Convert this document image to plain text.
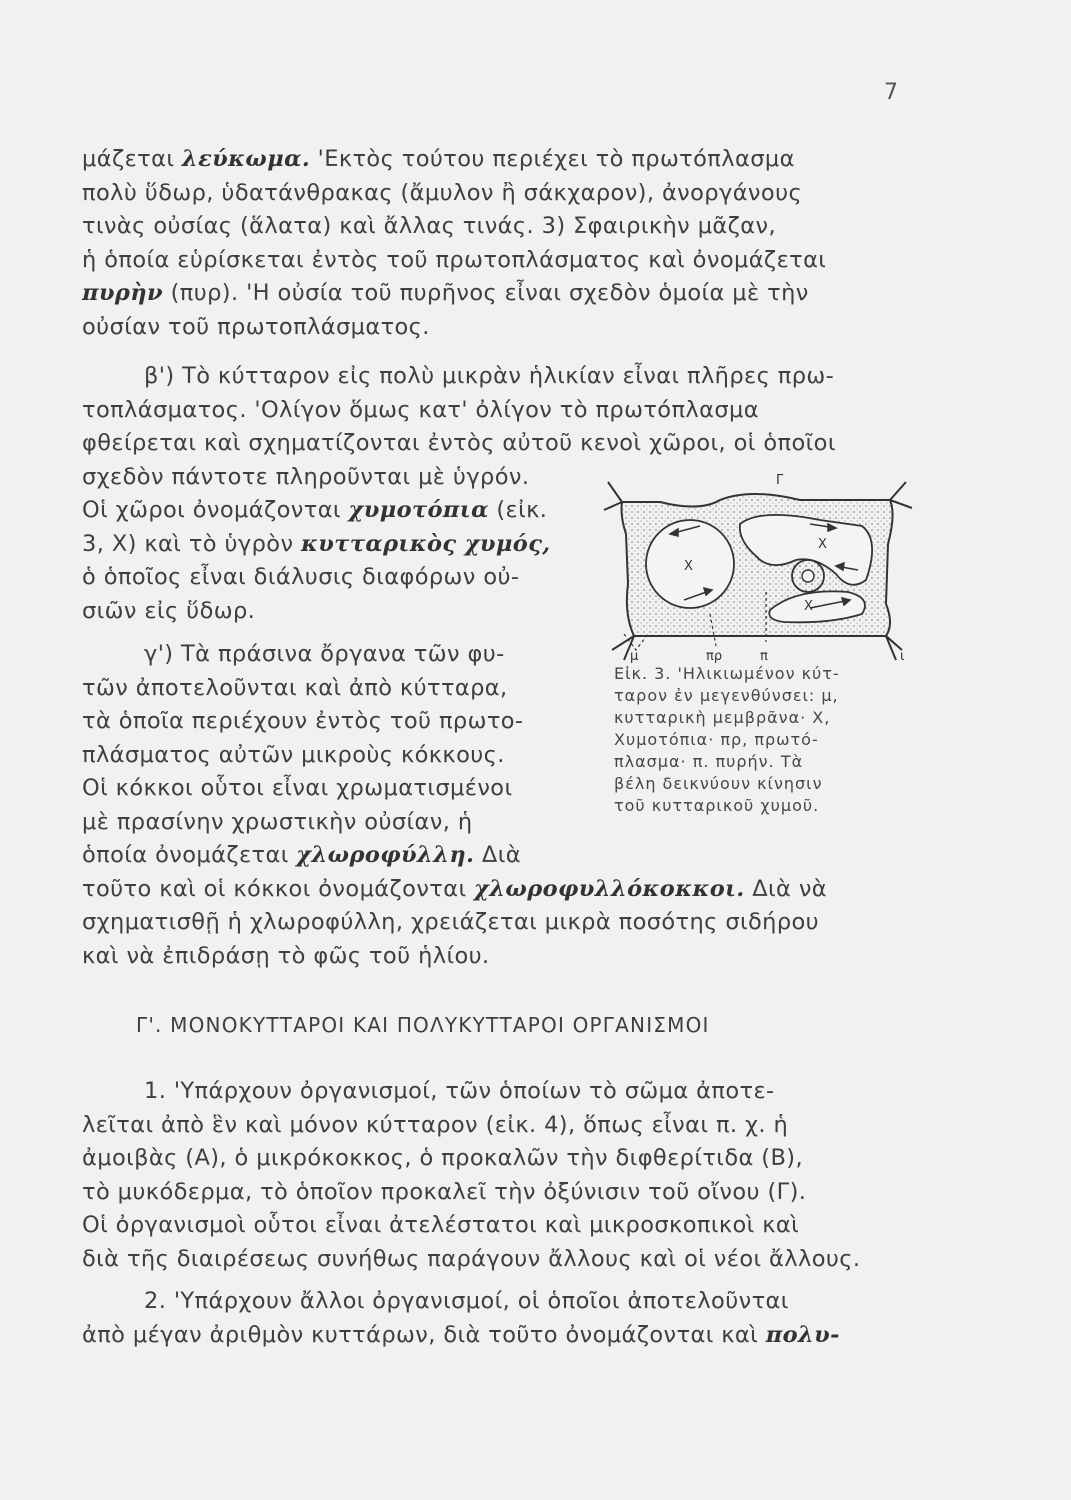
7
μάζεται λεύκωμα. 'Εκτὸς τούτου περιέχει τὸ πρωτόπλασμα
πολὺ ὕδωρ, ὑδατάνθρακας (ἄμυλον ἢ σάκχαρον), ἀνοργάνους
τινὰς οὐσίας (ἅλατα) καὶ ἄλλας τινάς. 3) Σφαιρικὴν μᾶζαν,
ἡ ὁποία εὑρίσκεται ἐντὸς τοῦ πρωτοπλάσματος καὶ ὀνομάζεται
πυρὴν (πυρ). 'Η οὐσία τοῦ πυρῆνος εἶναι σχεδὸν ὁμοία μὲ τὴν
οὐσίαν τοῦ πρωτοπλάσματος.
β') Τὸ κύτταρον εἰς πολὺ μικρὰν ἡλικίαν εἶναι πλῆρες πρω-
τοπλάσματος. 'Ολίγον ὅμως κατ' ὀλίγον τὸ πρωτόπλασμα
φθείρεται καὶ σχηματίζονται ἐντὸς αὐτοῦ κενοὶ χῶροι, οἱ ὁποῖοι
σχεδὸν πάντοτε πληροῦνται μὲ ὑγρόν.
Οἱ χῶροι ὀνομάζονται χυμοτόπια (εἰκ.
3, Χ) καὶ τὸ ὑγρὸν κυτταρικὸς χυμός,
ὁ ὁποῖος εἶναι διάλυσις διαφόρων οὐ-
σιῶν εἰς ὕδωρ.
γ') Τὰ πράσινα ὄργανα τῶν φυ-
τῶν ἀποτελοῦνται καὶ ἀπὸ κύτταρα,
τὰ ὁποῖα περιέχουν ἐντὸς τοῦ πρωτο-
πλάσματος αὐτῶν μικροὺς κόκκους.
Οἱ κόκκοι οὗτοι εἶναι χρωματισμένοι
μὲ πρασίνην χρωστικὴν οὐσίαν, ἡ
ὁποία ὀνομάζεται χλωροφύλλη. Διὰ
τοῦτο καὶ οἱ κόκκοι ὀνομάζονται χλωροφυλλόκοκκοι. Διὰ νὰ
σχηματισθῇ ἡ χλωροφύλλη, χρειάζεται μικρὰ ποσότης σιδήρου
καὶ νὰ ἐπιδράσῃ τὸ φῶς τοῦ ἡλίου.
Γ
Χ
Χ
Χ
μ	πρ	π	ι
Εἰκ. 3. 'Ηλικιωμένον κύτ-
ταρον ἐν μεγενθύνσει: μ,
κυτταρικὴ μεμβρᾶνα· Χ,
Χυμοτόπια· πρ, πρωτό-
πλασμα· π. πυρήν. Τὰ
βέλη δεικνύουν κίνησιν
τοῦ κυτταρικοῦ χυμοῦ.
Γ'. ΜΟΝΟΚΥΤΤΑΡΟΙ ΚΑΙ ΠΟΛΥΚΥΤΤΑΡΟΙ ΟΡΓΑΝΙΣΜΟΙ
1. 'Υπάρχουν ὀργανισμοί, τῶν ὁποίων τὸ σῶμα ἀποτε-
λεῖται ἀπὸ ἓν καὶ μόνον κύτταρον (εἰκ. 4), ὅπως εἶναι π. χ. ἡ
ἀμοιβὰς (Α), ὁ μικρόκοκκος, ὁ προκαλῶν τὴν διφθερίτιδα (Β),
τὸ μυκόδερμα, τὸ ὁποῖον προκαλεῖ τὴν ὀξύνισιν τοῦ οἴνου (Γ).
Οἱ ὀργανισμοὶ οὗτοι εἶναι ἀτελέστατοι καὶ μικροσκοπικοὶ καὶ
διὰ τῆς διαιρέσεως συνήθως παράγουν ἄλλους καὶ οἱ νέοι ἄλλους.
2. 'Υπάρχουν ἄλλοι ὀργανισμοί, οἱ ὁποῖοι ἀποτελοῦνται
ἀπὸ μέγαν ἀριθμὸν κυττάρων, διὰ τοῦτο ὀνομάζονται καὶ πολυ-
